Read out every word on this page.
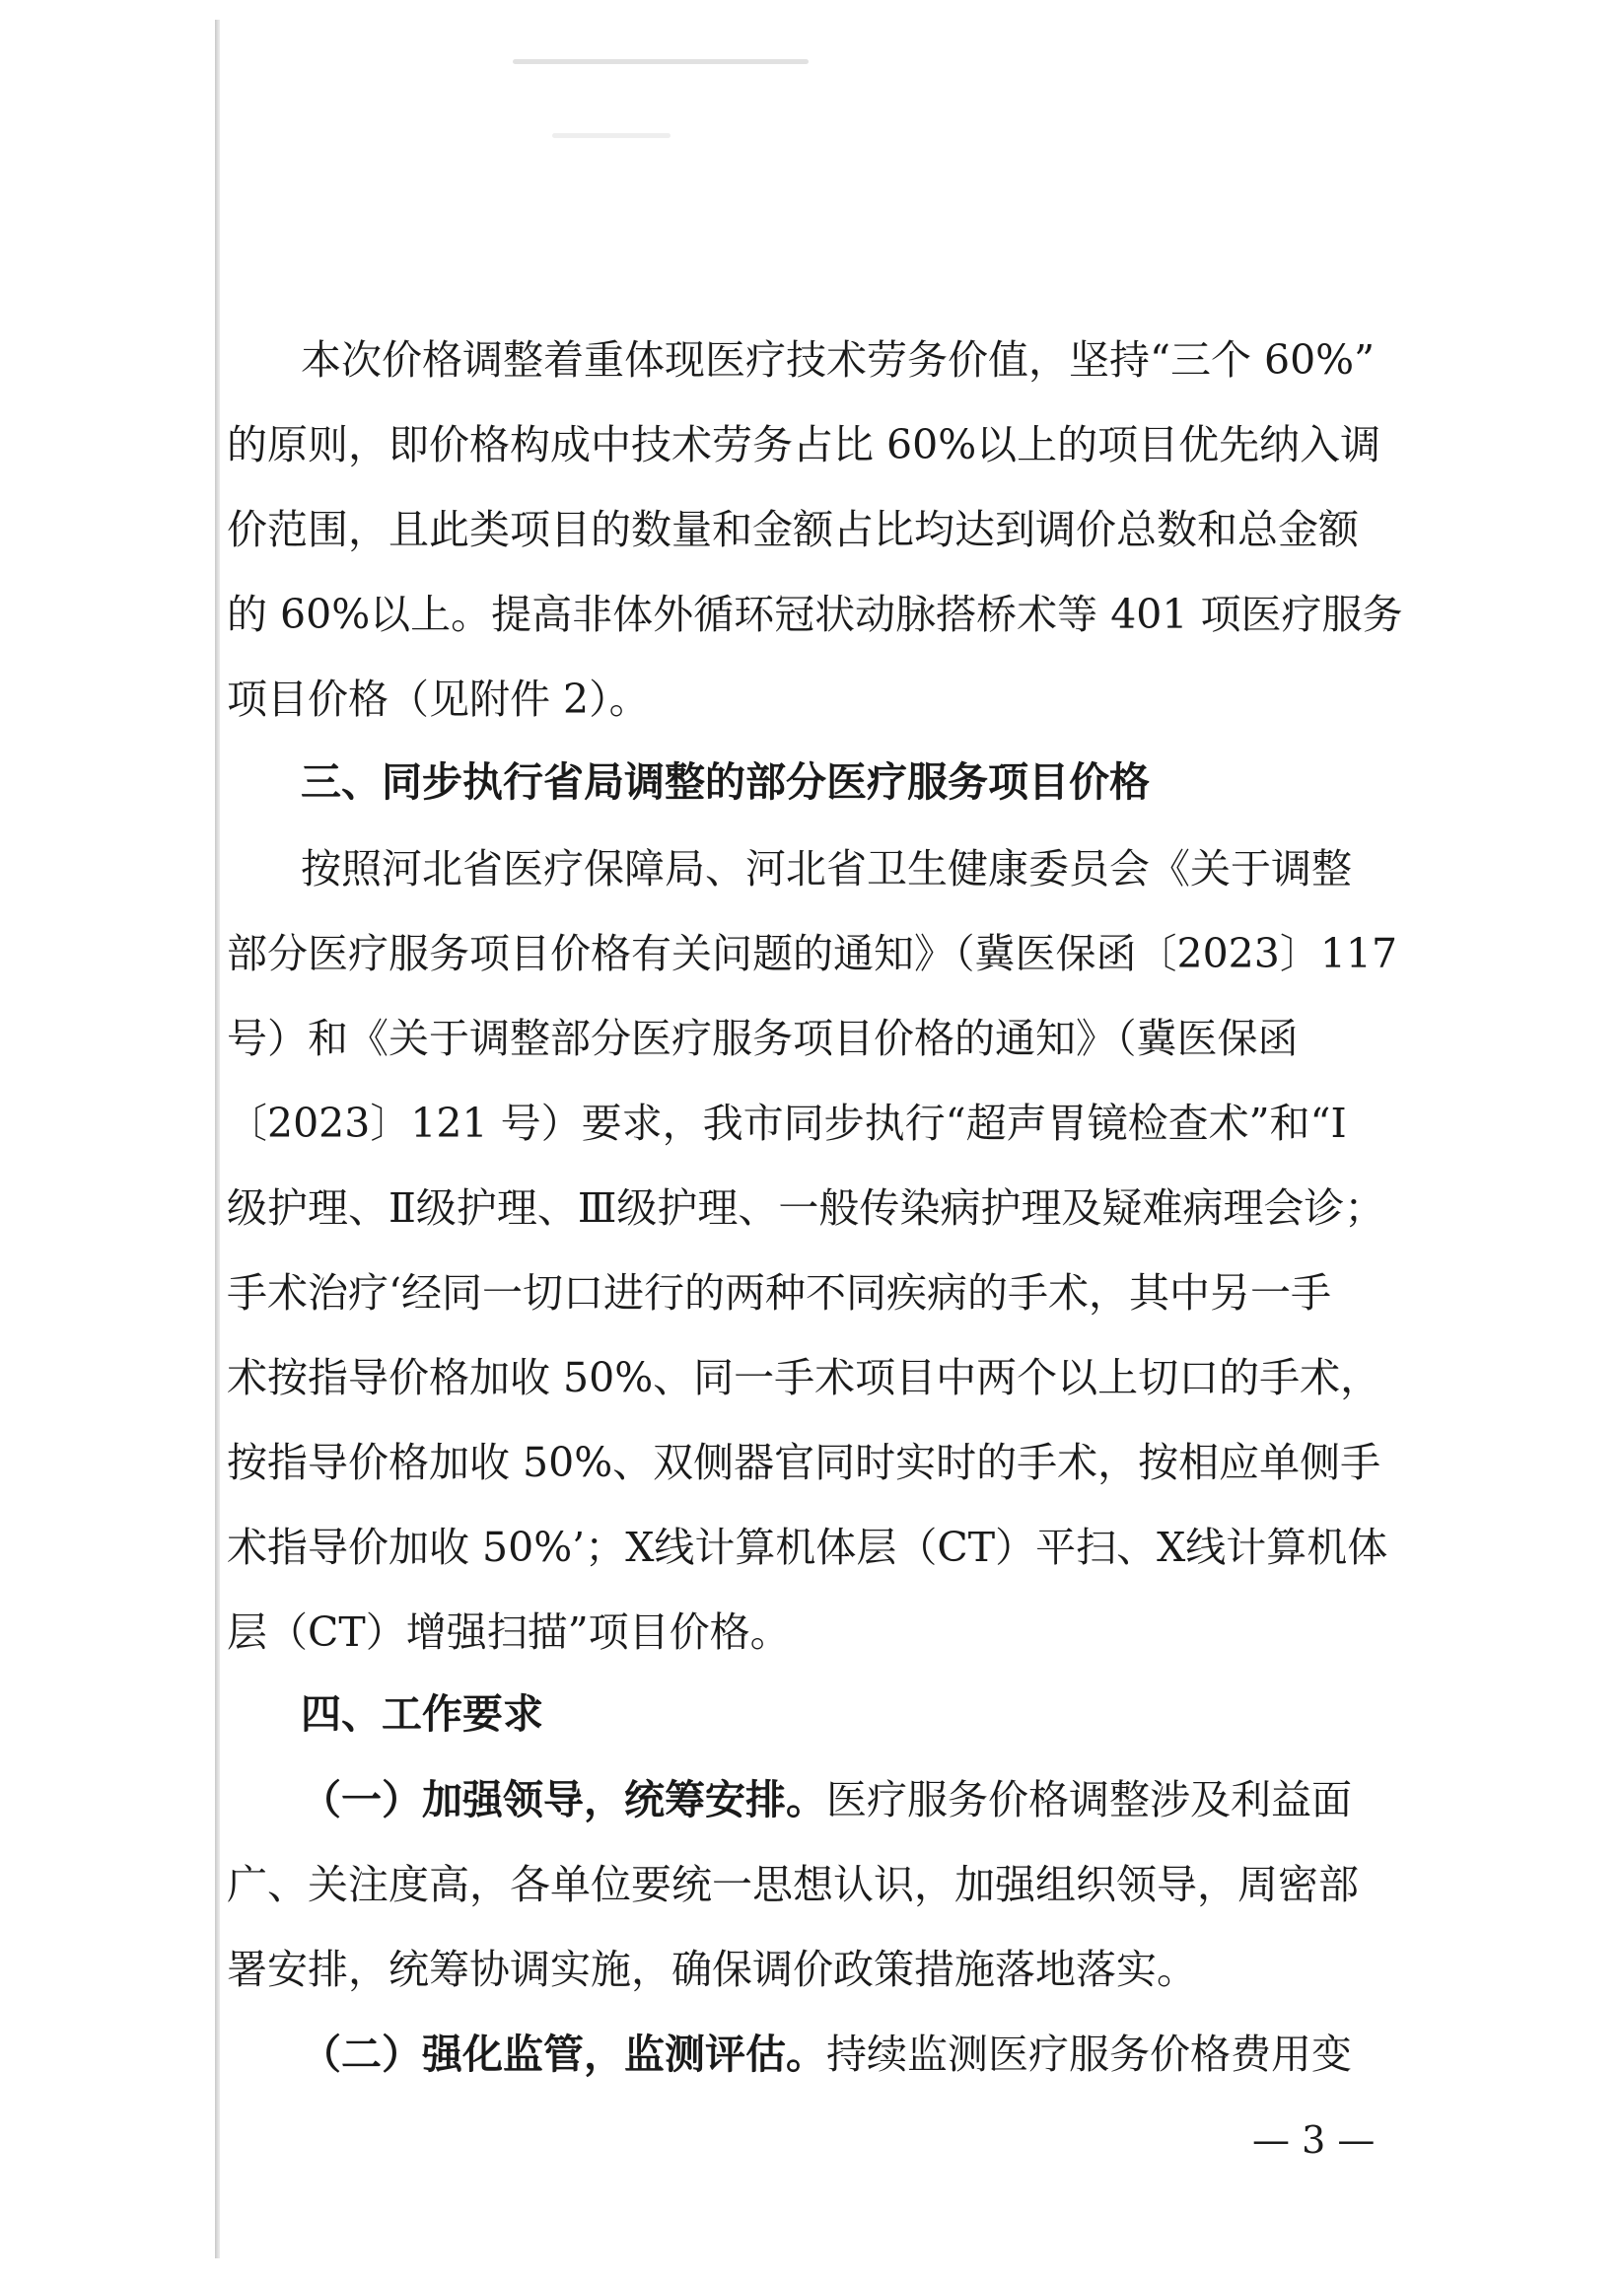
本次价格调整着重体现医疗技术劳务价值，坚持“三个 60%”
的原则，即价格构成中技术劳务占比 60%以上的项目优先纳入调
价范围，且此类项目的数量和金额占比均达到调价总数和总金额
的 60%以上。提高非体外循环冠状动脉搭桥术等 401 项医疗服务
项目价格（见附件 2）。
三、同步执行省局调整的部分医疗服务项目价格
按照河北省医疗保障局、河北省卫生健康委员会《关于调整
部分医疗服务项目价格有关问题的通知》（冀医保函〔2023〕117
号）和《关于调整部分医疗服务项目价格的通知》（冀医保函
〔2023〕121 号）要求，我市同步执行“超声胃镜检查术”和“Ⅰ
级护理、Ⅱ级护理、Ⅲ级护理、一般传染病护理及疑难病理会诊；
手术治疗‘经同一切口进行的两种不同疾病的手术，其中另一手
术按指导价格加收 50%、同一手术项目中两个以上切口的手术，
按指导价格加收 50%、双侧器官同时实时的手术，按相应单侧手
术指导价加收 50%’；X线计算机体层（CT）平扫、X线计算机体
层（CT）增强扫描”项目价格。
四、工作要求
（一）加强领导，统筹安排。医疗服务价格调整涉及利益面
广、关注度高，各单位要统一思想认识，加强组织领导，周密部
署安排，统筹协调实施，确保调价政策措施落地落实。
（二）强化监管，监测评估。持续监测医疗服务价格费用变
— 3 —
